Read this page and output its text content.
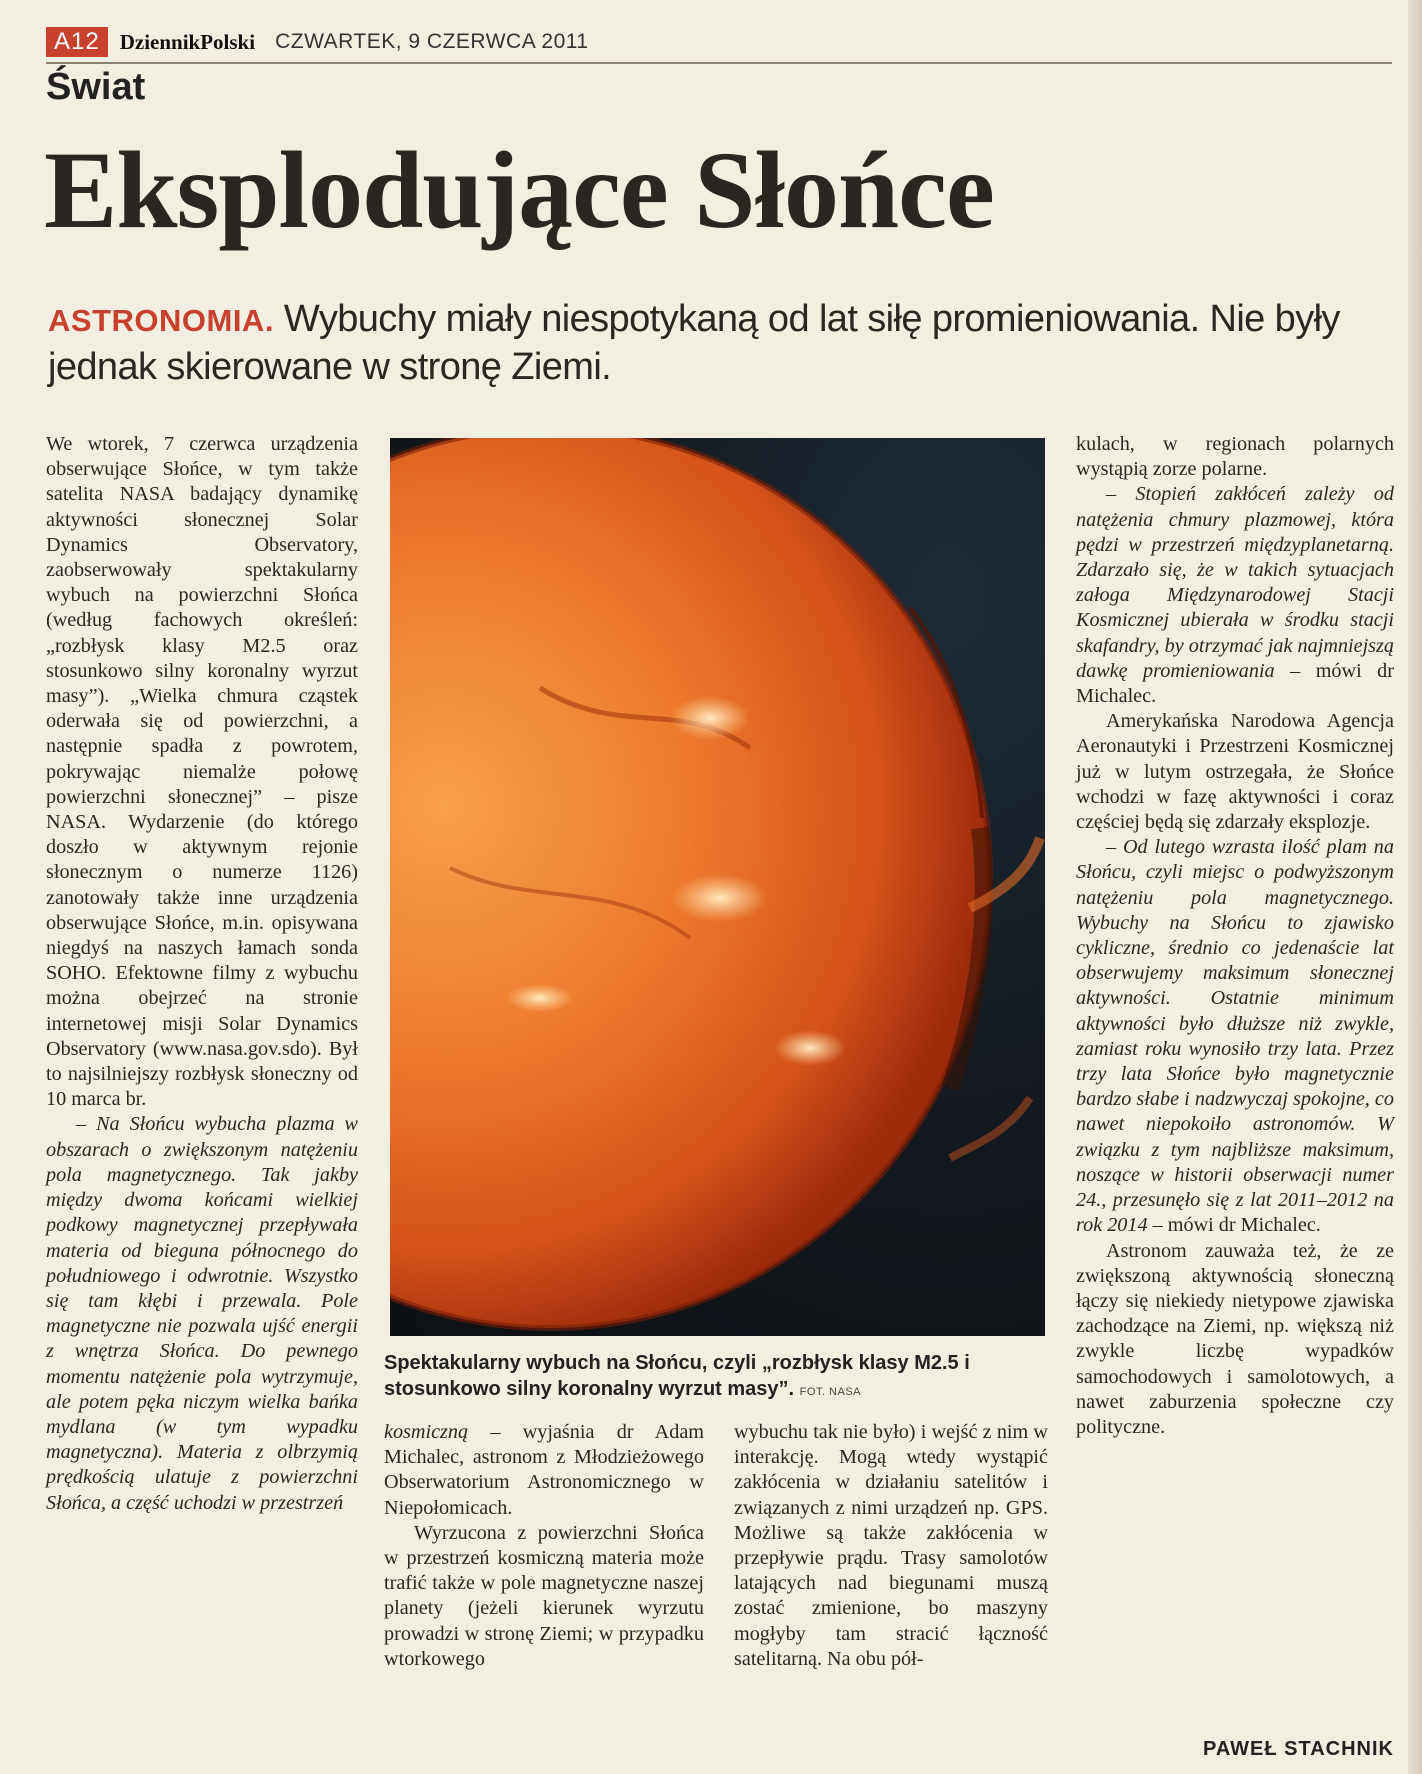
A12 DziennikPolski CZWARTEK, 9 CZERWCA 2011
Świat
Eksplodujące Słońce
ASTRONOMIA. Wybuchy miały niespotykaną od lat siłę promieniowania. Nie były jednak skierowane w stronę Ziemi.

We wtorek, 7 czerwca urządzenia obserwujące Słońce, w tym także satelita NASA badający dynamikę aktywności słonecznej Solar Dynamics Observatory, zaobserwowały spektakularny wybuch na powierzchni Słońca (według fachowych określeń: „rozbłysk klasy M2.5 oraz stosunkowo silny koronalny wyrzut masy”). „Wielka chmura cząstek oderwała się od powierzchni, a następnie spadła z powrotem, pokrywając niemalże połowę powierzchni słonecznej” – pisze NASA. Wydarzenie (do którego doszło w aktywnym rejonie słonecznym o numerze 1126) zanotowały także inne urządzenia obserwujące Słońce, m.in. opisywana niegdyś na naszych łamach sonda SOHO. Efektowne filmy z wybuchu można obejrzeć na stronie internetowej misji Solar Dynamics Observatory (www.nasa.gov.sdo). Był to najsilniejszy rozbłysk słoneczny od 10 marca br.

– Na Słońcu wybucha plazma w obszarach o zwiększonym natężeniu pola magnetycznego. Tak jakby między dwoma końcami wielkiej podkowy magnetycznej przepływała materia od bieguna północnego do południowego i odwrotnie. Wszystko się tam kłębi i przewala. Pole magnetyczne nie pozwala ujść energii z wnętrza Słońca. Do pewnego momentu natężenie pola wytrzymuje, ale potem pęka niczym wielka bańka mydlana (w tym wypadku magnetyczna). Materia z olbrzymią prędkością ulatuje z powierzchni Słońca, a część uchodzi w przestrzeń

Spektakularny wybuch na Słońcu, czyli „rozbłysk klasy M2.5 i stosunkowo silny koronalny wyrzut masy”. FOT. NASA

kosmiczną – wyjaśnia dr Adam Michalec, astronom z Młodzieżowego Obserwatorium Astronomicznego w Niepołomicach.

Wyrzucona z powierzchni Słońca w przestrzeń kosmiczną materia może trafić także w pole magnetyczne naszej planety (jeżeli kierunek wyrzutu prowadzi w stronę Ziemi; w przypadku wtorkowego

wybuchu tak nie było) i wejść z nim w interakcję. Mogą wtedy wystąpić zakłócenia w działaniu satelitów i związanych z nimi urządzeń np. GPS. Możliwe są także zakłócenia w przepływie prądu. Trasy samolotów latających nad biegunami muszą zostać zmienione, bo maszyny mogłyby tam stracić łączność satelitarną. Na obu pół-

kulach, w regionach polarnych wystąpią zorze polarne.

– Stopień zakłóceń zależy od natężenia chmury plazmowej, która pędzi w przestrzeń międzyplanetarną. Zdarzało się, że w takich sytuacjach załoga Międzynarodowej Stacji Kosmicznej ubierała w środku stacji skafandry, by otrzymać jak najmniejszą dawkę promieniowania – mówi dr Michalec.

Amerykańska Narodowa Agencja Aeronautyki i Przestrzeni Kosmicznej już w lutym ostrzegała, że Słońce wchodzi w fazę aktywności i coraz częściej będą się zdarzały eksplozje.

– Od lutego wzrasta ilość plam na Słońcu, czyli miejsc o podwyższonym natężeniu pola magnetycznego. Wybuchy na Słońcu to zjawisko cykliczne, średnio co jedenaście lat obserwujemy maksimum słonecznej aktywności. Ostatnie minimum aktywności było dłuższe niż zwykle, zamiast roku wynosiło trzy lata. Przez trzy lata Słońce było magnetycznie bardzo słabe i nadzwyczaj spokojne, co nawet niepokoiło astronomów. W związku z tym najbliższe maksimum, noszące w historii obserwacji numer 24., przesunęło się z lat 2011–2012 na rok 2014 – mówi dr Michalec.

Astronom zauważa też, że ze zwiększoną aktywnością słoneczną łączy się niekiedy nietypowe zjawiska zachodzące na Ziemi, np. większą niż zwykle liczbę wypadków samochodowych i samolotowych, a nawet zaburzenia społeczne czy polityczne.

PAWEŁ STACHNIK
